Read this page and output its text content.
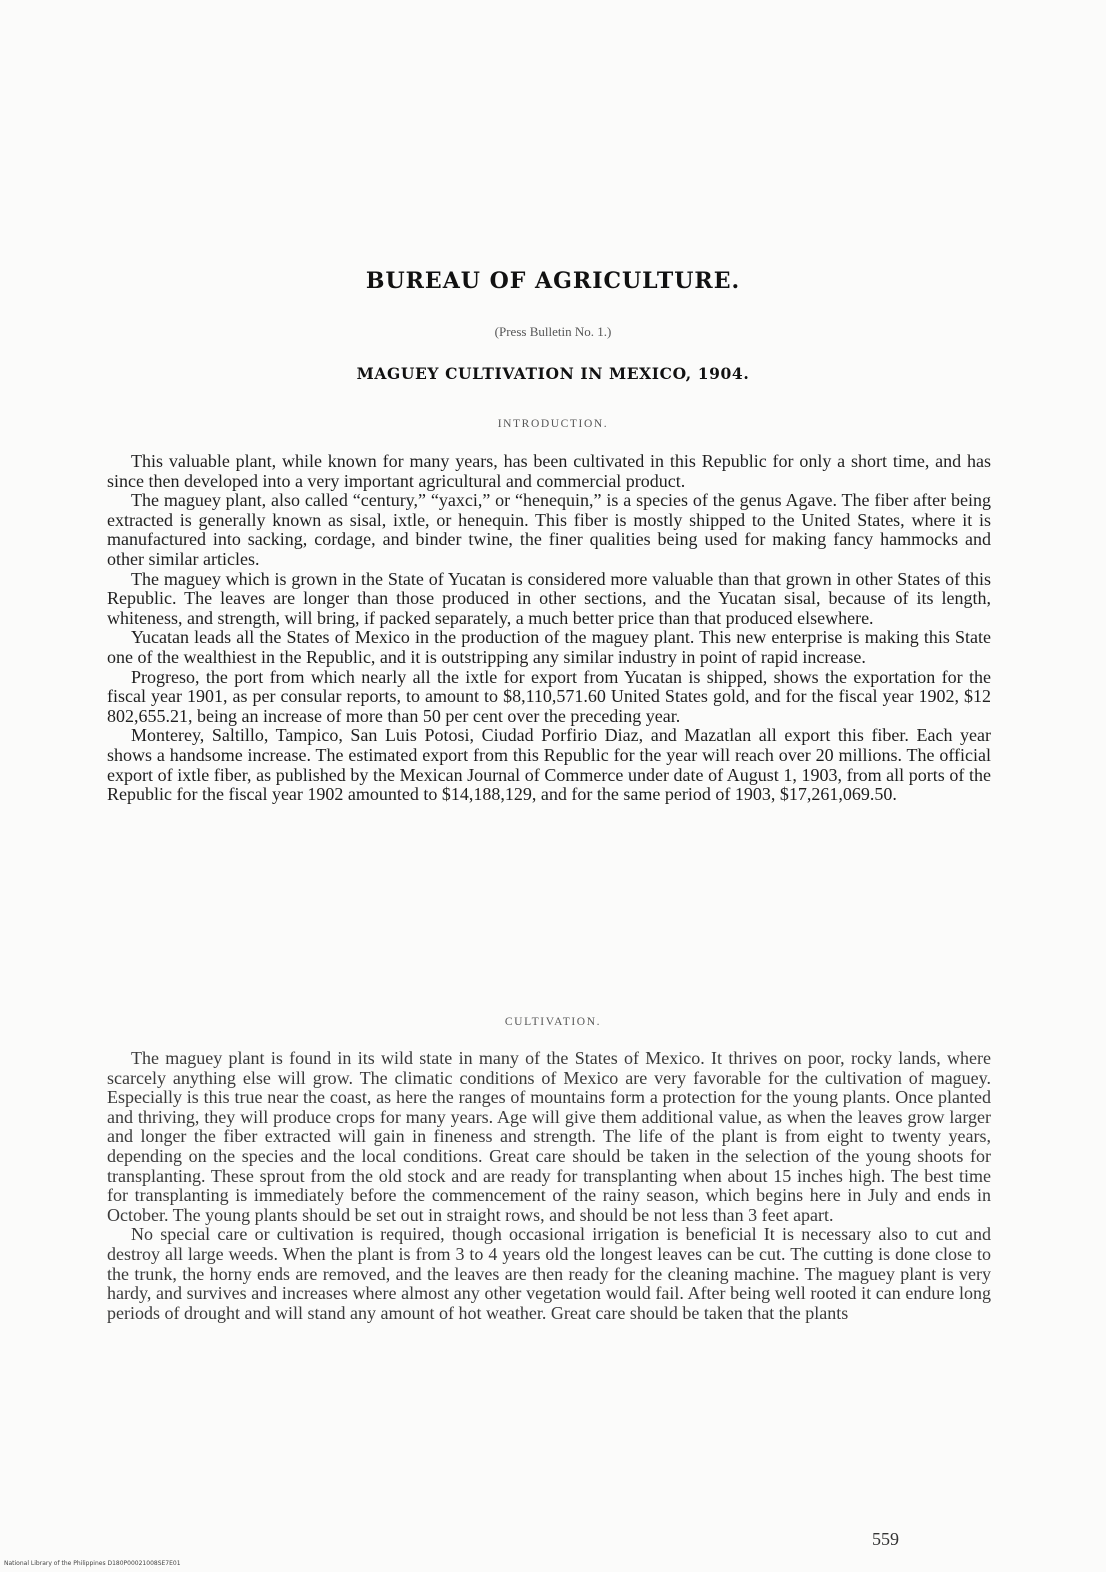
BUREAU OF AGRICULTURE.
(Press Bulletin No. 1.)
MAGUEY CULTIVATION IN MEXICO, 1904.
INTRODUCTION.

This valuable plant, while known for many years, has been cultivated in this Republic for only a short time, and has since then developed into a very important agricultural and commercial product.

The maguey plant, also called “century,” “yaxci,” or “henequin,” is a species of the genus Agave. The fiber after being extracted is generally known as sisal, ixtle, or henequin. This fiber is mostly shipped to the United States, where it is manufactured into sacking, cordage, and binder twine, the finer qualities being used for making fancy hammocks and other similar articles.

The maguey which is grown in the State of Yucatan is considered more valuable than that grown in other States of this Republic. The leaves are longer than those produced in other sections, and the Yucatan sisal, because of its length, whiteness, and strength, will bring, if packed separately, a much better price than that produced elsewhere.

Yucatan leads all the States of Mexico in the production of the maguey plant. This new enterprise is making this State one of the wealthiest in the Republic, and it is outstripping any similar industry in point of rapid increase.

Progreso, the port from which nearly all the ixtle for export from Yucatan is shipped, shows the exportation for the fiscal year 1901, as per consular reports, to amount to $8,110,571.60 United States gold, and for the fiscal year 1902, $12 802,655.21, being an increase of more than 50 per cent over the preceding year.

Monterey, Saltillo, Tampico, San Luis Potosi, Ciudad Porfirio Diaz, and Mazatlan all export this fiber. Each year shows a handsome increase. The estimated export from this Republic for the year will reach over 20 millions. The official export of ixtle fiber, as published by the Mexican Journal of Commerce under date of August 1, 1903, from all ports of the Republic for the fiscal year 1902 amounted to $14,188,129, and for the same period of 1903, $17,261,069.50.

CULTIVATION.

The maguey plant is found in its wild state in many of the States of Mexico. It thrives on poor, rocky lands, where scarcely anything else will grow. The climatic conditions of Mexico are very favorable for the cultivation of maguey. Especially is this true near the coast, as here the ranges of mountains form a protection for the young plants. Once planted and thriving, they will produce crops for many years. Age will give them additional value, as when the leaves grow larger and longer the fiber extracted will gain in fineness and strength. The life of the plant is from eight to twenty years, depending on the species and the local conditions. Great care should be taken in the selection of the young shoots for transplanting. These sprout from the old stock and are ready for transplanting when about 15 inches high. The best time for transplanting is immediately before the commencement of the rainy season, which begins here in July and ends in October. The young plants should be set out in straight rows, and should be not less than 3 feet apart.

No special care or cultivation is required, though occasional irrigation is beneficial It is necessary also to cut and destroy all large weeds. When the plant is from 3 to 4 years old the longest leaves can be cut. The cutting is done close to the trunk, the horny ends are removed, and the leaves are then ready for the cleaning machine. The maguey plant is very hardy, and survives and increases where almost any other vegetation would fail. After being well rooted it can endure long periods of drought and will stand any amount of hot weather. Great care should be taken that the plants

559
National Library of the Philippines D180P00021008SE7E01
